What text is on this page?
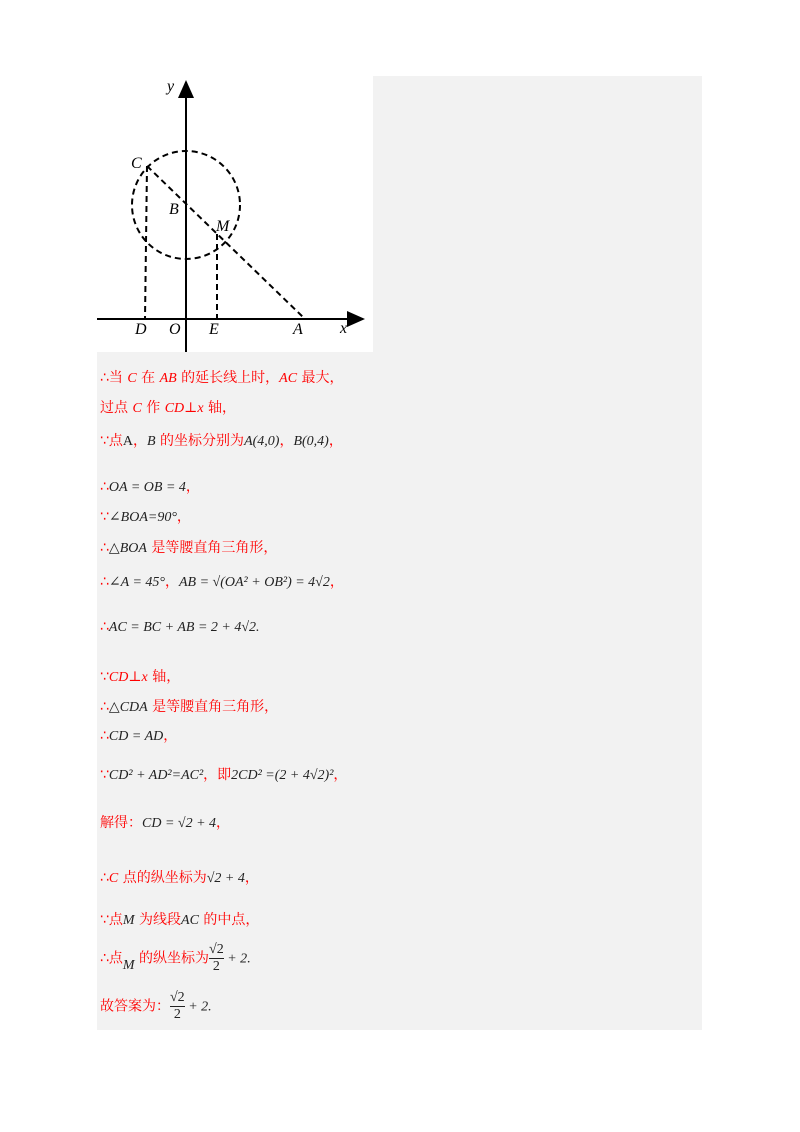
y
x
C
B
M
D O E	A
∴当 C 在 AB 的延长线上时，AC 最大，
过点 C 作 CD⊥x 轴，
∵点A，B 的坐标分别为A(4,0)，B(0,4)，
∴OA = OB = 4，
∵∠BOA=90°，
∴△BOA 是等腰直角三角形，
∴∠A = 45°，AB = √(OA² + OB²) = 4√2，
∴AC = BC + AB = 2 + 4√2.
∵CD⊥x 轴，
∴△CDA 是等腰直角三角形，
∴CD = AD，
∵CD² + AD²=AC²，即2CD² =(2 + 4√2)²，
解得：CD = √2 + 4，
∴C 点的纵坐标为√2 + 4，
∵点M 为线段AC 的中点，
∴点M 的纵坐标为 $\frac{√2}{2} + 2$.
故答案为： $\frac{√2}{2} + 2$.
